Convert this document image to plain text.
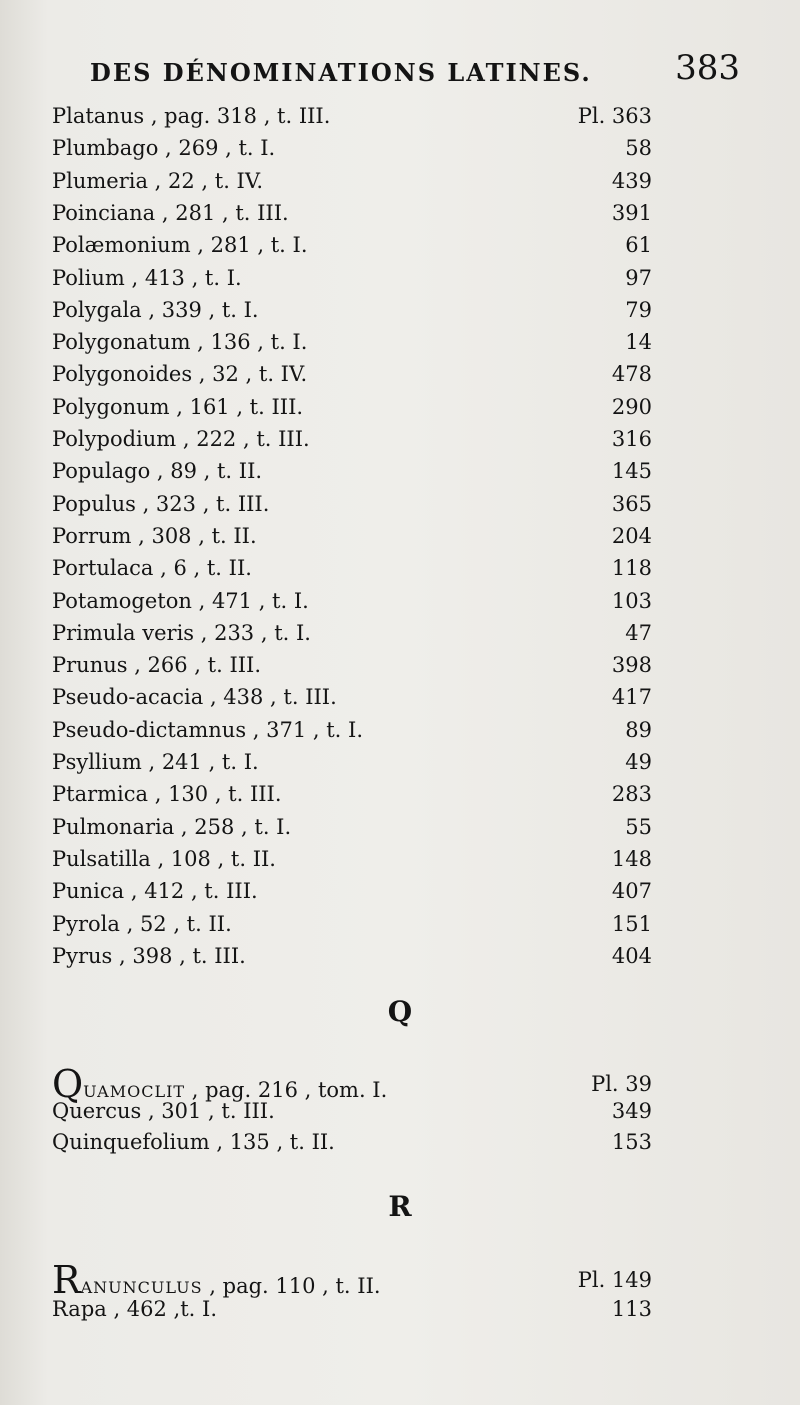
DES DÉNOMINATIONS LATINES. 383
Platanus , pag. 318 , t. III.	Pl. 363
Plumbago , 269 , t. I.	58
Plumeria , 22 , t. IV.	439
Poinciana , 281 , t. III.	391
Polæmonium , 281 , t. I.	61
Polium , 413 , t. I.	97
Polygala , 339 , t. I.	79
Polygonatum , 136 , t. I.	14
Polygonoides , 32 , t. IV.	478
Polygonum , 161 , t. III.	290
Polypodium , 222 , t. III.	316
Populago , 89 , t. II.	145
Populus , 323 , t. III.	365
Porrum , 308 , t. II.	204
Portulaca , 6 , t. II.	118
Potamogeton , 471 , t. I.	103
Primula veris , 233 , t. I.	47
Prunus , 266 , t. III.	398
Pseudo-acacia , 438 , t. III.	417
Pseudo-dictamnus , 371 , t. I.	89
Psyllium , 241 , t. I.	49
Ptarmica , 130 , t. III.	283
Pulmonaria , 258 , t. I.	55
Pulsatilla , 108 , t. II.	148
Punica , 412 , t. III.	407
Pyrola , 52 , t. II.	151
Pyrus , 398 , t. III.	404
Q
QUAMOCLIT , pag. 216 , tom. I.	Pl. 39
Quercus , 301 , t. III.	349
Quinquefolium , 135 , t. II.	153
R
RANUNCULUS , pag. 110 , t. II.	Pl. 149
Rapa , 462 ,t. I.	113
